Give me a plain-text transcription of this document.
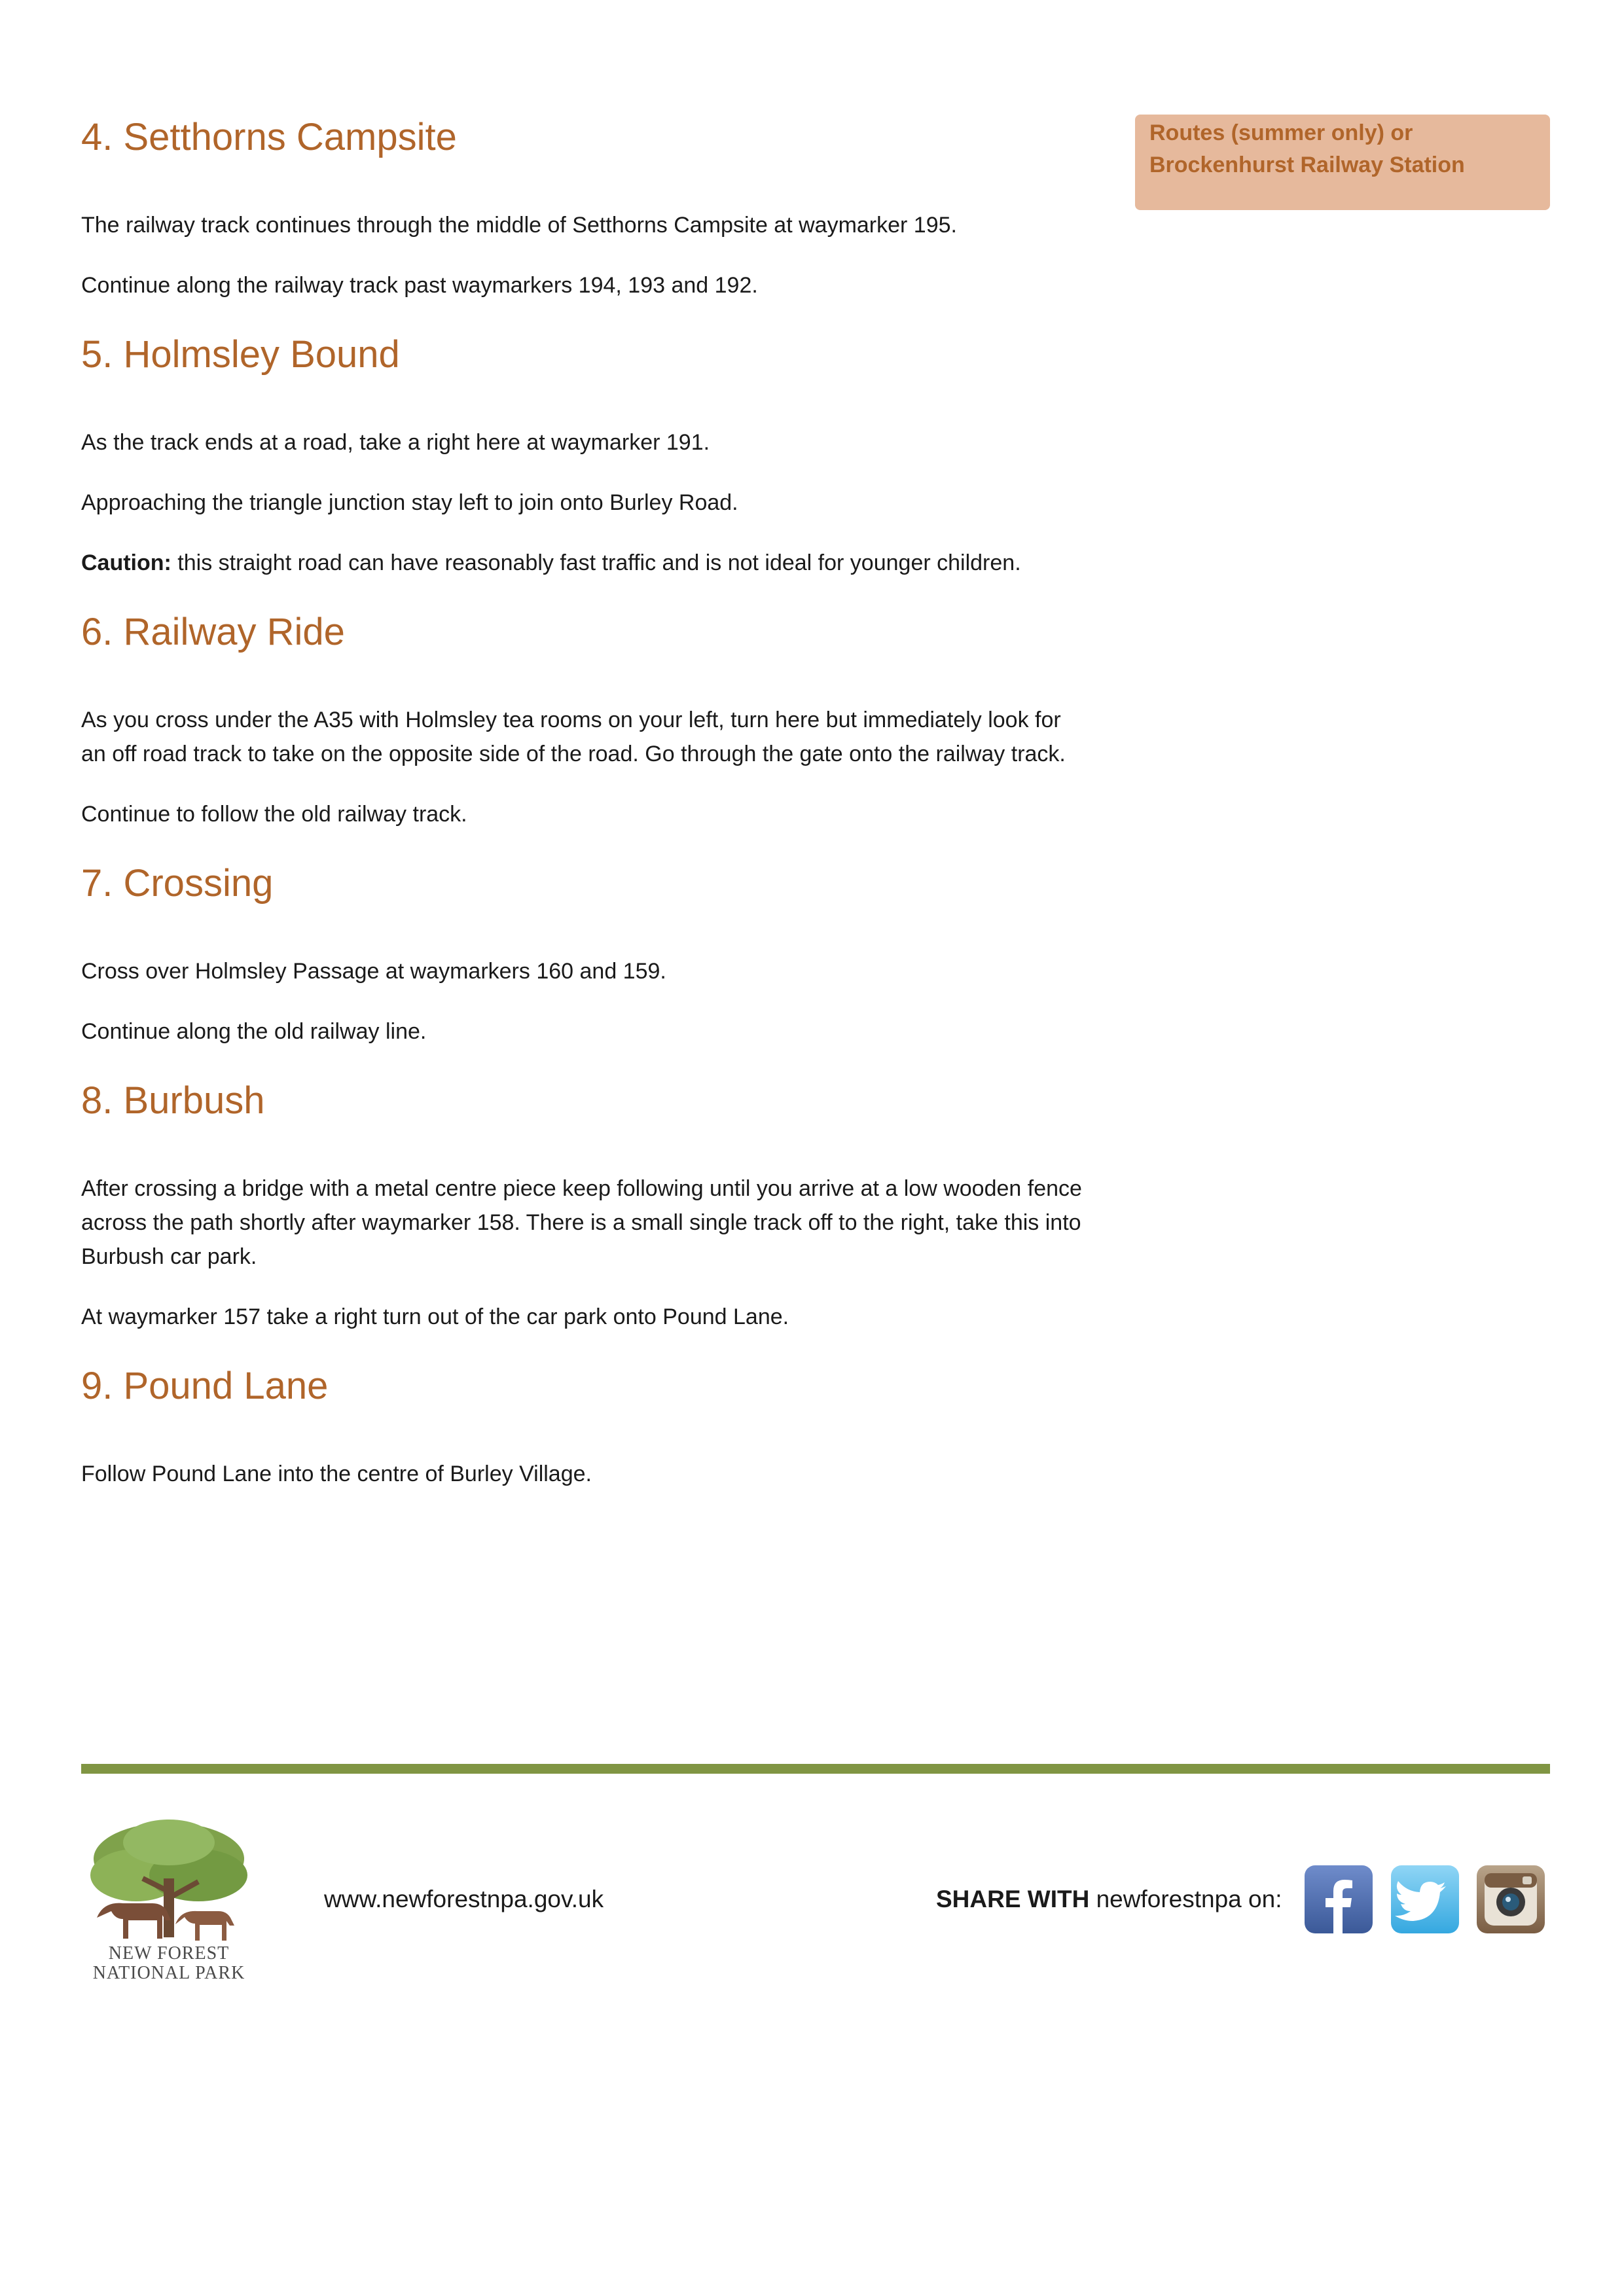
4. Setthorns Campsite

The railway track continues through the middle of Setthorns Campsite at waymarker 195.

Continue along the railway track past waymarkers 194, 193 and 192.

5. Holmsley Bound

As the track ends at a road, take a right here at waymarker 191.

Approaching the triangle junction stay left to join onto Burley Road.

Caution: this straight road can have reasonably fast traffic and is not ideal for younger children.

6. Railway Ride

As you cross under the A35 with Holmsley tea rooms on your left, turn here but immediately look for an off road track to take on the opposite side of the road. Go through the gate onto the railway track.

Continue to follow the old railway track.

7. Crossing

Cross over Holmsley Passage at waymarkers 160 and 159.

Continue along the old railway line.

8. Burbush

After crossing a bridge with a metal centre piece keep following until you arrive at a low wooden fence across the path shortly after waymarker 158. There is a small single track off to the right, take this into Burbush car park.

At waymarker 157 take a right turn out of the car park onto Pound Lane.

9. Pound Lane

Follow Pound Lane into the centre of Burley Village.

Routes (summer only) or
Brockenhurst Railway Station
NEW FOREST
NATIONAL PARK
www.newforestnpa.gov.uk	SHARE WITH newforestnpa on:
